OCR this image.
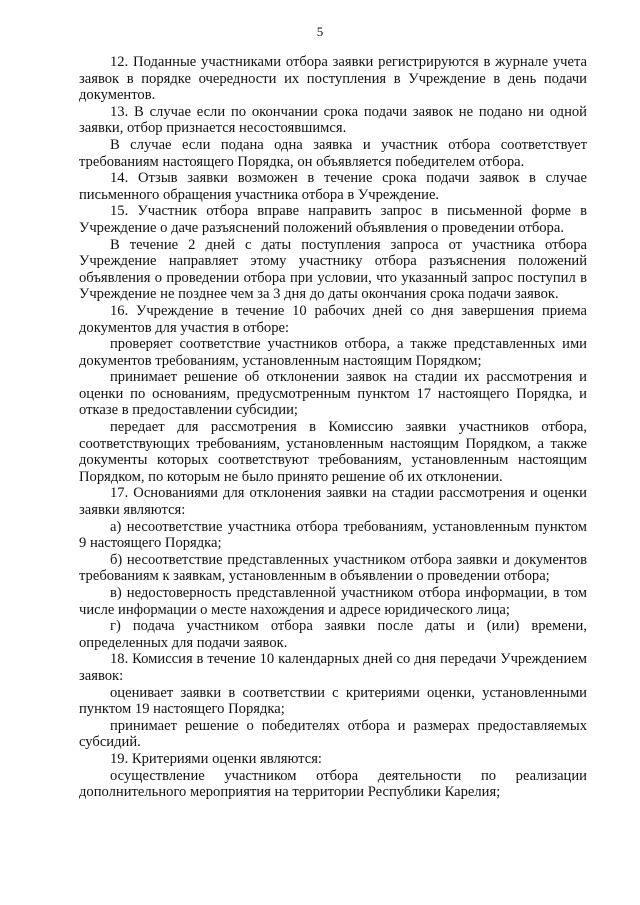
5

12. Поданные участниками отбора заявки регистрируются в журнале учета заявок в порядке очередности их поступления в Учреждение в день подачи документов.

13. В случае если по окончании срока подачи заявок не подано ни одной заявки, отбор признается несостоявшимся.

В случае если подана одна заявка и участник отбора соответствует требованиям настоящего Порядка, он объявляется победителем отбора.

14. Отзыв заявки возможен в течение срока подачи заявок в случае письменного обращения участника отбора в Учреждение.

15. Участник отбора вправе направить запрос в письменной форме в Учреждение о даче разъяснений положений объявления о проведении отбора.

В течение 2 дней с даты поступления запроса от участника отбора Учреждение направляет этому участнику отбора разъяснения положений объявления о проведении отбора при условии, что указанный запрос поступил в Учреждение не позднее чем за 3 дня до даты окончания срока подачи заявок.

16. Учреждение в течение 10 рабочих дней со дня завершения приема документов для участия в отборе:

проверяет соответствие участников отбора, а также представленных ими документов требованиям, установленным настоящим Порядком;

принимает решение об отклонении заявок на стадии их рассмотрения и оценки по основаниям, предусмотренным пунктом 17 настоящего Порядка, и отказе в предоставлении субсидии;

передает для рассмотрения в Комиссию заявки участников отбора, соответствующих требованиям, установленным настоящим Порядком, а также документы которых соответствуют требованиям, установленным настоящим Порядком, по которым не было принято решение об их отклонении.

17. Основаниями для отклонения заявки на стадии рассмотрения и оценки заявки являются:

а) несоответствие участника отбора требованиям, установленным пунктом 9 настоящего Порядка;

б) несоответствие представленных участником отбора заявки и документов требованиям к заявкам, установленным в объявлении о проведении отбора;

в) недостоверность представленной участником отбора информации, в том числе информации о месте нахождения и адресе юридического лица;

г) подача участником отбора заявки после даты и (или) времени, определенных для подачи заявок.

18. Комиссия в течение 10 календарных дней со дня передачи Учреждением заявок:

оценивает заявки в соответствии с критериями оценки, установленными пунктом 19 настоящего Порядка;

принимает решение о победителях отбора и размерах предоставляемых субсидий.

19. Критериями оценки являются:

осуществление участником отбора деятельности по реализации дополнительного мероприятия на территории Республики Карелия;
